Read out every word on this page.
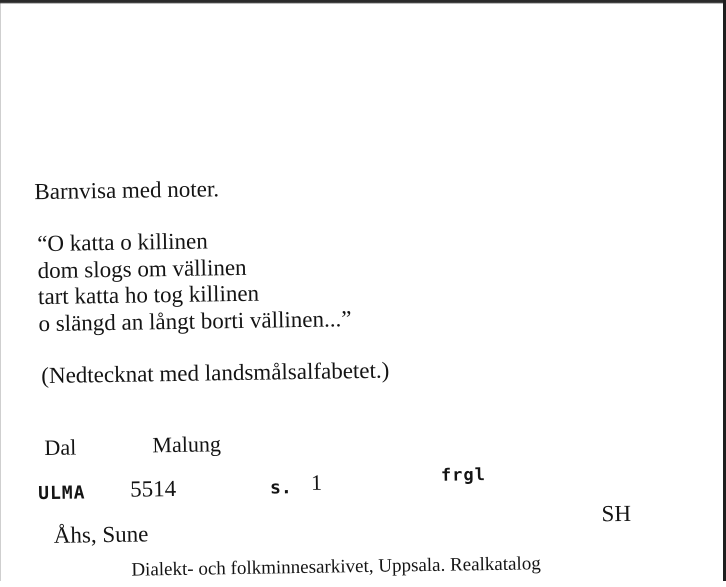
Barnvisa med noter.
“O katta o killinen
dom slogs om vällinen
tart katta ho tog killinen
o slängd an långt borti vällinen...”
(Nedtecknat med landsmålsalfabetet.)
Dal	Malung
ULMA 5514	s. 1	frgl
Åhs, Sune
SH
Dialekt- och folkminnesarkivet, Uppsala. Realkatalog
